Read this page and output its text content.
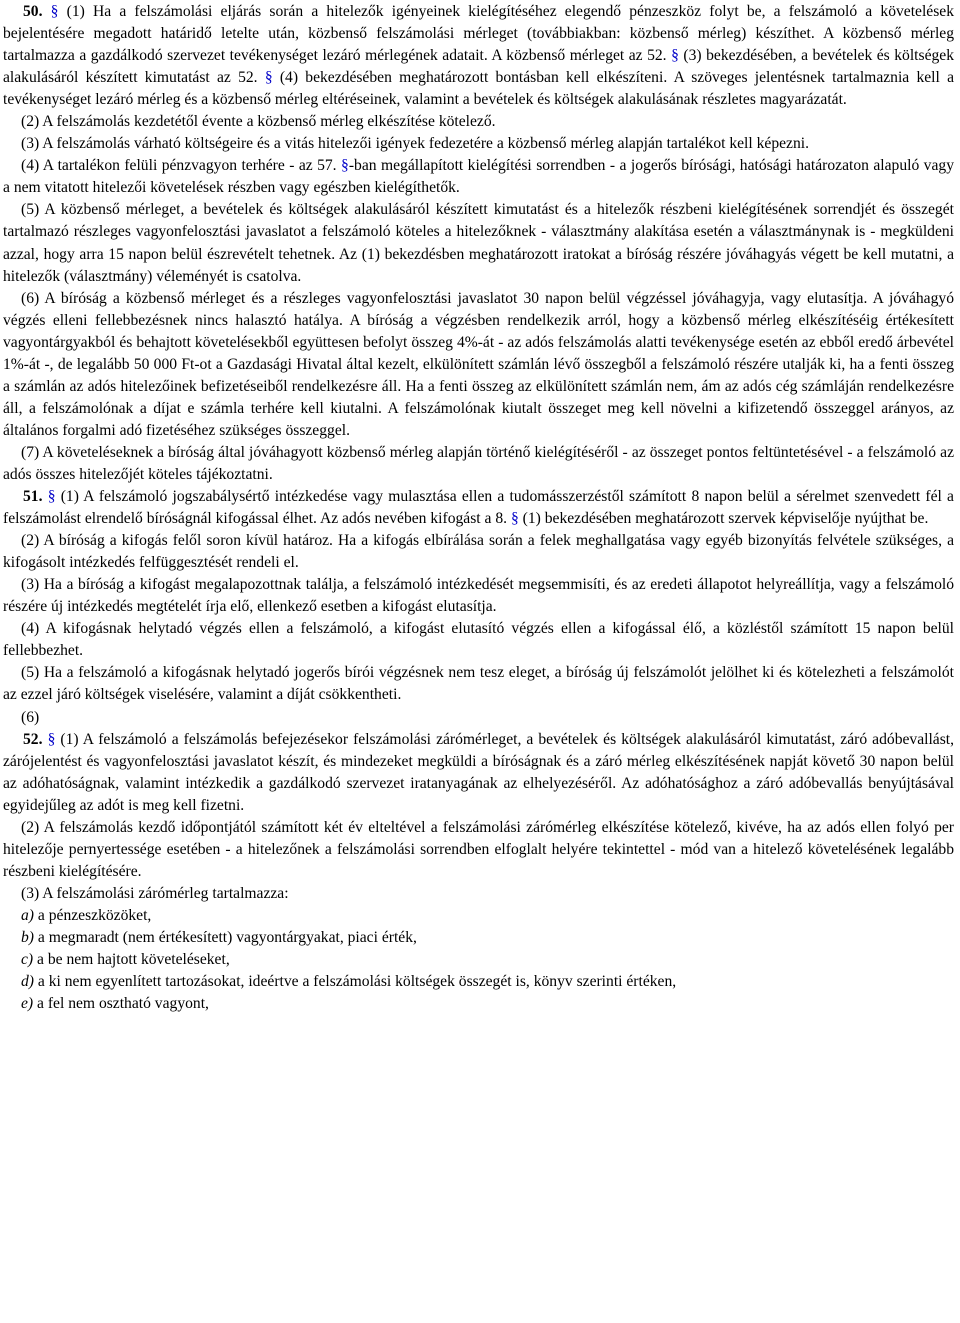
50. § (1) Ha a felszámolási eljárás során a hitelezők igényeinek kielégítéséhez elegendő pénzeszköz folyt be, a felszámoló a követelések bejelentésére megadott határidő letelte után, közbenső felszámolási mérleget (továbbiakban: közbenső mérleg) készíthet. A közbenső mérleg tartalmazza a gazdálkodó szervezet tevékenységet lezáró mérlegének adatait. A közbenső mérleget az 52. § (3) bekezdésében, a bevételek és költségek alakulásáról készített kimutatást az 52. § (4) bekezdésében meghatározott bontásban kell elkészíteni. A szöveges jelentésnek tartalmaznia kell a tevékenységet lezáró mérleg és a közbenső mérleg eltéréseinek, valamint a bevételek és költségek alakulásának részletes magyarázatát.

(2) A felszámolás kezdetétől évente a közbenső mérleg elkészítése kötelező.

(3) A felszámolás várható költségeire és a vitás hitelezői igények fedezetére a közbenső mérleg alapján tartalékot kell képezni.

(4) A tartalékon felüli pénzvagyon terhére - az 57. §-ban megállapított kielégítési sorrendben - a jogerős bírósági, hatósági határozaton alapuló vagy a nem vitatott hitelezői követelések részben vagy egészben kielégíthetők.

(5) A közbenső mérleget, a bevételek és költségek alakulásáról készített kimutatást és a hitelezők részbeni kielégítésének sorrendjét és összegét tartalmazó részleges vagyonfelosztási javaslatot a felszámoló köteles a hitelezőknek - választmány alakítása esetén a választmánynak is - megküldeni azzal, hogy arra 15 napon belül észrevételt tehetnek. Az (1) bekezdésben meghatározott iratokat a bíróság részére jóváhagyás végett be kell mutatni, a hitelezők (választmány) véleményét is csatolva.

(6) A bíróság a közbenső mérleget és a részleges vagyonfelosztási javaslatot 30 napon belül végzéssel jóváhagyja, vagy elutasítja. A jóváhagyó végzés elleni fellebbezésnek nincs halasztó hatálya. A bíróság a végzésben rendelkezik arról, hogy a közbenső mérleg elkészítéséig értékesített vagyontárgyakból és behajtott követelésekből együttesen befolyt összeg 4%-át - az adós felszámolás alatti tevékenysége esetén az ebből eredő árbevétel 1%-át -, de legalább 50 000 Ft-ot a Gazdasági Hivatal által kezelt, elkülönített számlán lévő összegből a felszámoló részére utalják ki, ha a fenti összeg a számlán az adós hitelezőinek befizetéseiből rendelkezésre áll. Ha a fenti összeg az elkülönített számlán nem, ám az adós cég számláján rendelkezésre áll, a felszámolónak a díjat e számla terhére kell kiutalni. A felszámolónak kiutalt összeget meg kell növelni a kifizetendő összeggel arányos, az általános forgalmi adó fizetéséhez szükséges összeggel.

(7) A követeléseknek a bíróság által jóváhagyott közbenső mérleg alapján történő kielégítéséről - az összeget pontos feltüntetésével - a felszámoló az adós összes hitelezőjét köteles tájékoztatni.

51. § (1) A felszámoló jogszabálysértő intézkedése vagy mulasztása ellen a tudomásszerzéstől számított 8 napon belül a sérelmet szenvedett fél a felszámolást elrendelő bíróságnál kifogással élhet. Az adós nevében kifogást a 8. § (1) bekezdésében meghatározott szervek képviselője nyújthat be.

(2) A bíróság a kifogás felől soron kívül határoz. Ha a kifogás elbírálása során a felek meghallgatása vagy egyéb bizonyítás felvétele szükséges, a kifogásolt intézkedés felfüggesztését rendeli el.

(3) Ha a bíróság a kifogást megalapozottnak találja, a felszámoló intézkedését megsemmisíti, és az eredeti állapotot helyreállítja, vagy a felszámoló részére új intézkedés megtételét írja elő, ellenkező esetben a kifogást elutasítja.

(4) A kifogásnak helytadó végzés ellen a felszámoló, a kifogást elutasító végzés ellen a kifogással élő, a közléstől számított 15 napon belül fellebbezhet.

(5) Ha a felszámoló a kifogásnak helytadó jogerős bírói végzésnek nem tesz eleget, a bíróság új felszámolót jelölhet ki és kötelezheti a felszámolót az ezzel járó költségek viselésére, valamint a díját csökkentheti.

(6)

52. § (1) A felszámoló a felszámolás befejezésekor felszámolási zárómérleget, a bevételek és költségek alakulásáról kimutatást, záró adóbevallást, zárójelentést és vagyonfelosztási javaslatot készít, és mindezeket megküldi a bíróságnak és a záró mérleg elkészítésének napját követő 30 napon belül az adóhatóságnak, valamint intézkedik a gazdálkodó szervezet iratanyagának az elhelyezéséről. Az adóhatósághoz a záró adóbevallás benyújtásával egyidejűleg az adót is meg kell fizetni.

(2) A felszámolás kezdő időpontjától számított két év elteltével a felszámolási zárómérleg elkészítése kötelező, kivéve, ha az adós ellen folyó per hitelezője pernyertessége esetében - a hitelezőnek a felszámolási sorrendben elfoglalt helyére tekintettel - mód van a hitelező követelésének legalább részbeni kielégítésére.

(3) A felszámolási zárómérleg tartalmazza:

a) a pénzeszközöket,

b) a megmaradt (nem értékesített) vagyontárgyakat, piaci érték,

c) a be nem hajtott követeléseket,

d) a ki nem egyenlített tartozásokat, ideértve a felszámolási költségek összegét is, könyv szerinti értéken,

e) a fel nem osztható vagyont,
